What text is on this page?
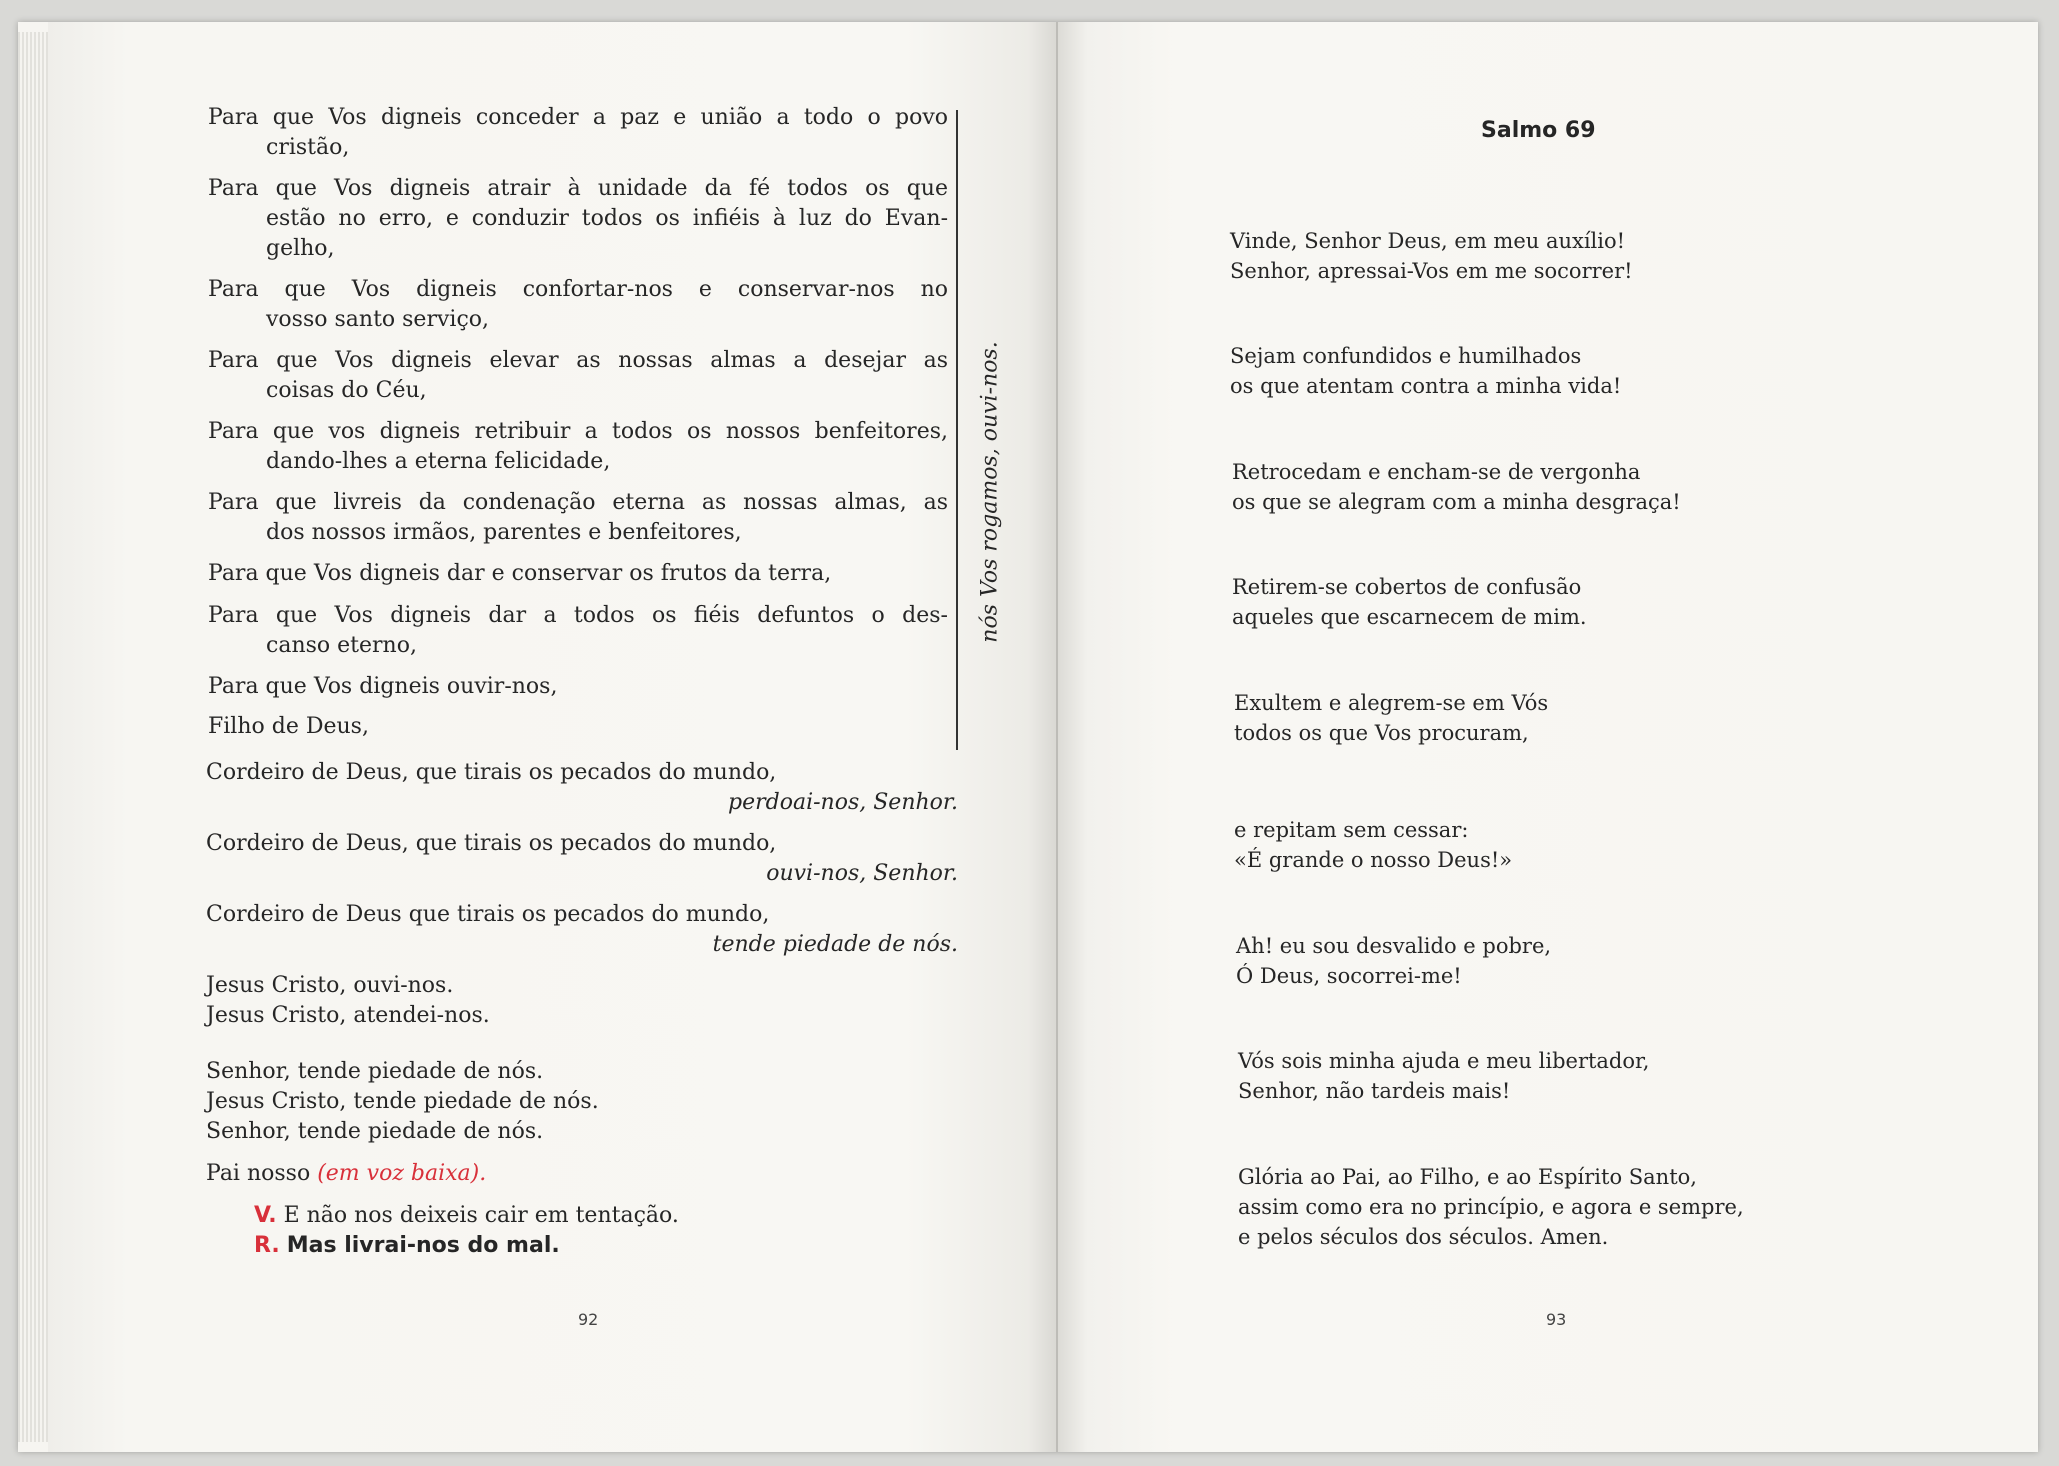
Para que Vos digneis conceder a paz e união a todo o povo
cristão,
Para que Vos digneis atrair à unidade da fé todos os que
estão no erro, e conduzir todos os infiéis à luz do Evan-
gelho,
Para que Vos digneis confortar-nos e conservar-nos no
vosso santo serviço,
Para que Vos digneis elevar as nossas almas a desejar as
coisas do Céu,
Para que vos digneis retribuir a todos os nossos benfeitores,
dando-lhes a eterna felicidade,
Para que livreis da condenação eterna as nossas almas, as
dos nossos irmãos, parentes e benfeitores,
Para que Vos digneis dar e conservar os frutos da terra,
Para que Vos digneis dar a todos os fiéis defuntos o des-
canso eterno,
Para que Vos digneis ouvir-nos,
Filho de Deus,
nós Vos rogamos, ouvi-nos.
Cordeiro de Deus, que tirais os pecados do mundo,
perdoai-nos, Senhor.
Cordeiro de Deus, que tirais os pecados do mundo,
ouvi-nos, Senhor.
Cordeiro de Deus que tirais os pecados do mundo,
tende piedade de nós.
Jesus Cristo, ouvi-nos.
Jesus Cristo, atendei-nos.
Senhor, tende piedade de nós.
Jesus Cristo, tende piedade de nós.
Senhor, tende piedade de nós.
Pai nosso (em voz baixa).
V. E não nos deixeis cair em tentação.
R. Mas livrai-nos do mal.
92
Salmo 69
Vinde, Senhor Deus, em meu auxílio!
Senhor, apressai-Vos em me socorrer!
Sejam confundidos e humilhados
os que atentam contra a minha vida!
Retrocedam e encham-se de vergonha
os que se alegram com a minha desgraça!
Retirem-se cobertos de confusão
aqueles que escarnecem de mim.
Exultem e alegrem-se em Vós
todos os que Vos procuram,
e repitam sem cessar:
«É grande o nosso Deus!»
Ah! eu sou desvalido e pobre,
Ó Deus, socorrei-me!
Vós sois minha ajuda e meu libertador,
Senhor, não tardeis mais!
Glória ao Pai, ao Filho, e ao Espírito Santo,
assim como era no princípio, e agora e sempre,
e pelos séculos dos séculos. Amen.
93
